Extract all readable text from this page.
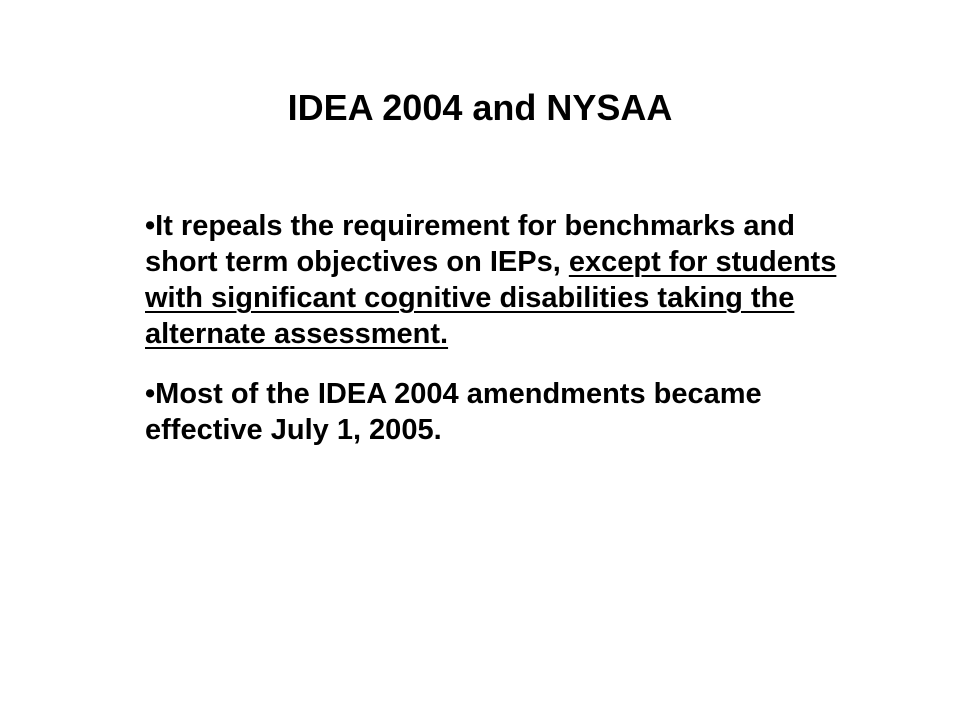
IDEA 2004 and NYSAA

•It repeals the requirement for benchmarks and short term objectives on IEPs, except for students with significant cognitive disabilities taking the alternate assessment.

•Most of the IDEA 2004 amendments became effective July 1, 2005.
